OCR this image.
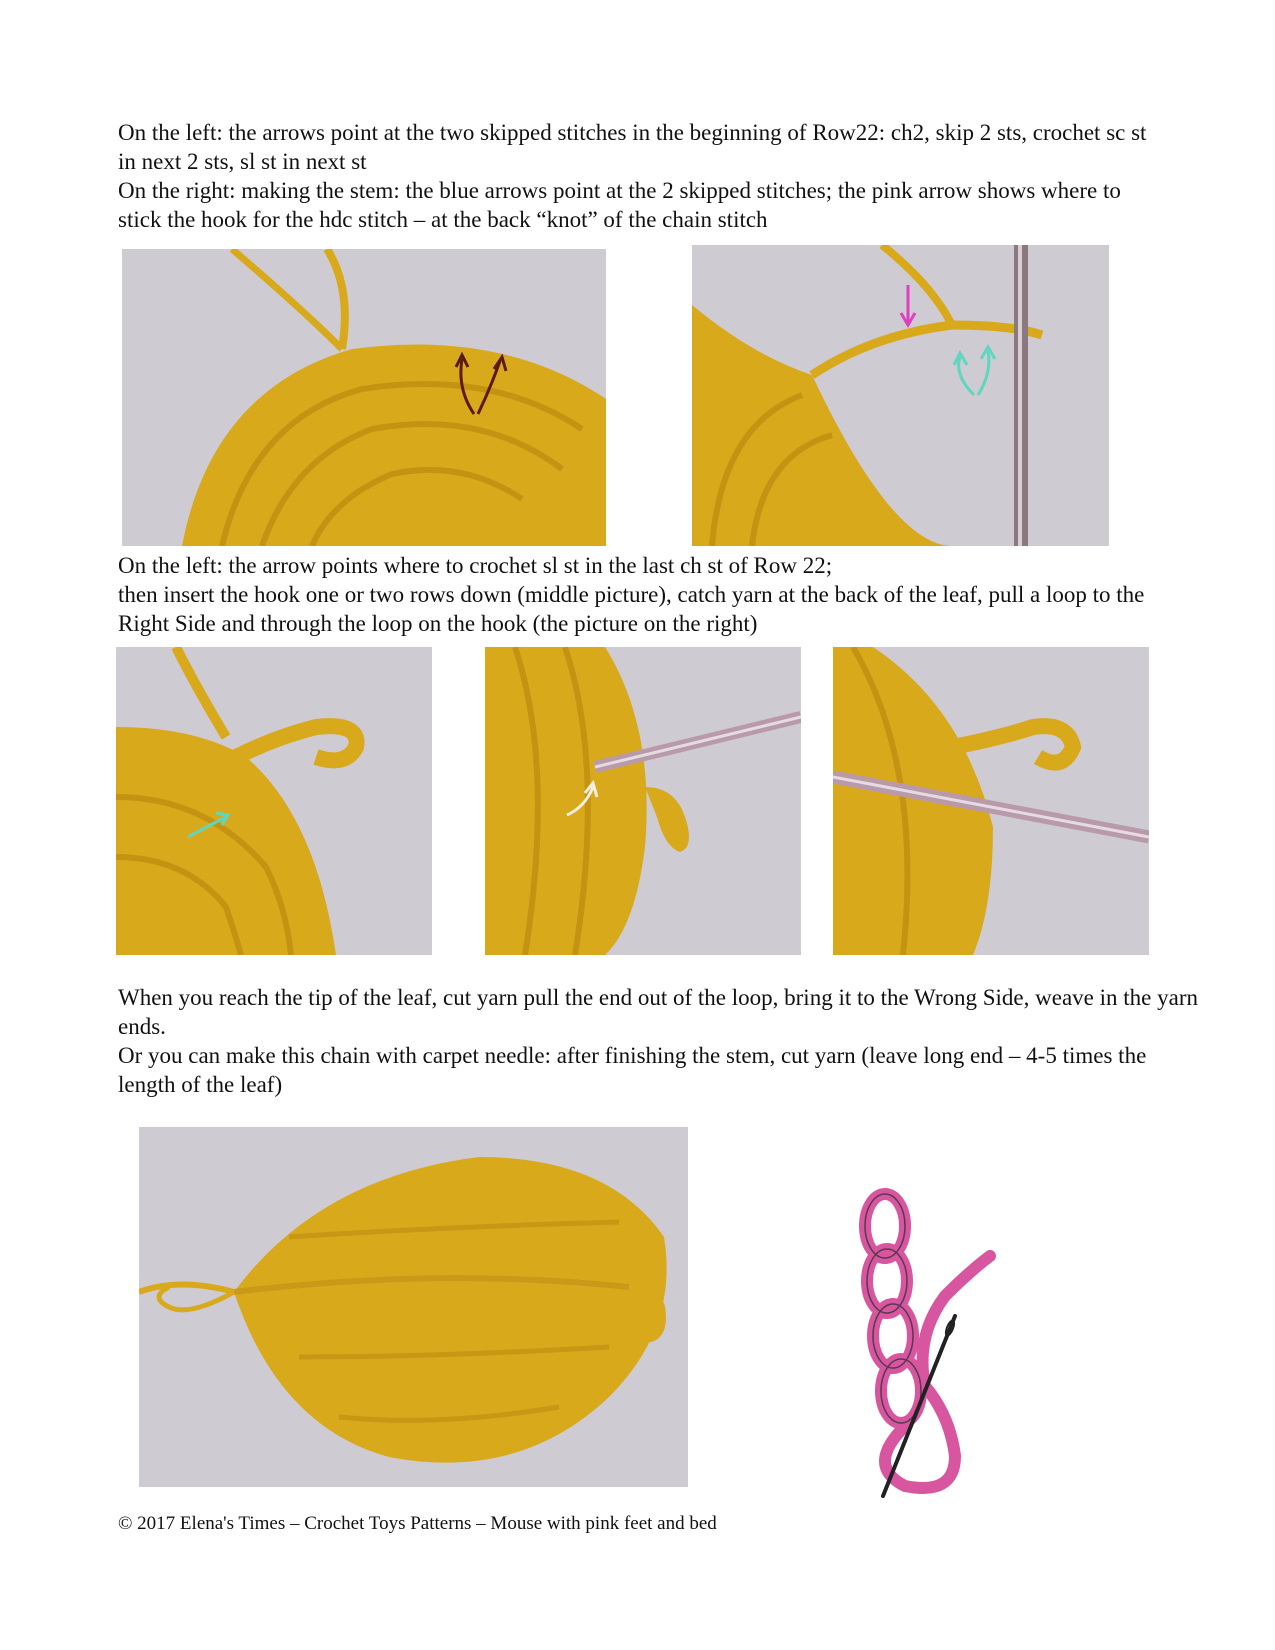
On the left: the arrows point at the two skipped stitches in the beginning of Row22: ch2, skip 2 sts, crochet sc st in next 2 sts, sl st in next st
On the right: making the stem: the blue arrows point at the 2 skipped stitches; the pink arrow shows where to stick the hook for the hdc stitch – at the back “knot” of the chain stitch
On the left: the arrow points where to crochet sl st in the last ch st of Row 22;
then insert the hook one or two rows down (middle picture), catch yarn at the back of the leaf, pull a loop to the Right Side and through the loop on the hook (the picture on the right)
When you reach the tip of the leaf, cut yarn pull the end out of the loop, bring it to the Wrong Side, weave in the yarn ends.
Or you can make this chain with carpet needle: after finishing the stem, cut yarn (leave long end – 4-5 times the length of the leaf)
© 2017 Elena's Times – Crochet Toys Patterns – Mouse with pink feet and bed
